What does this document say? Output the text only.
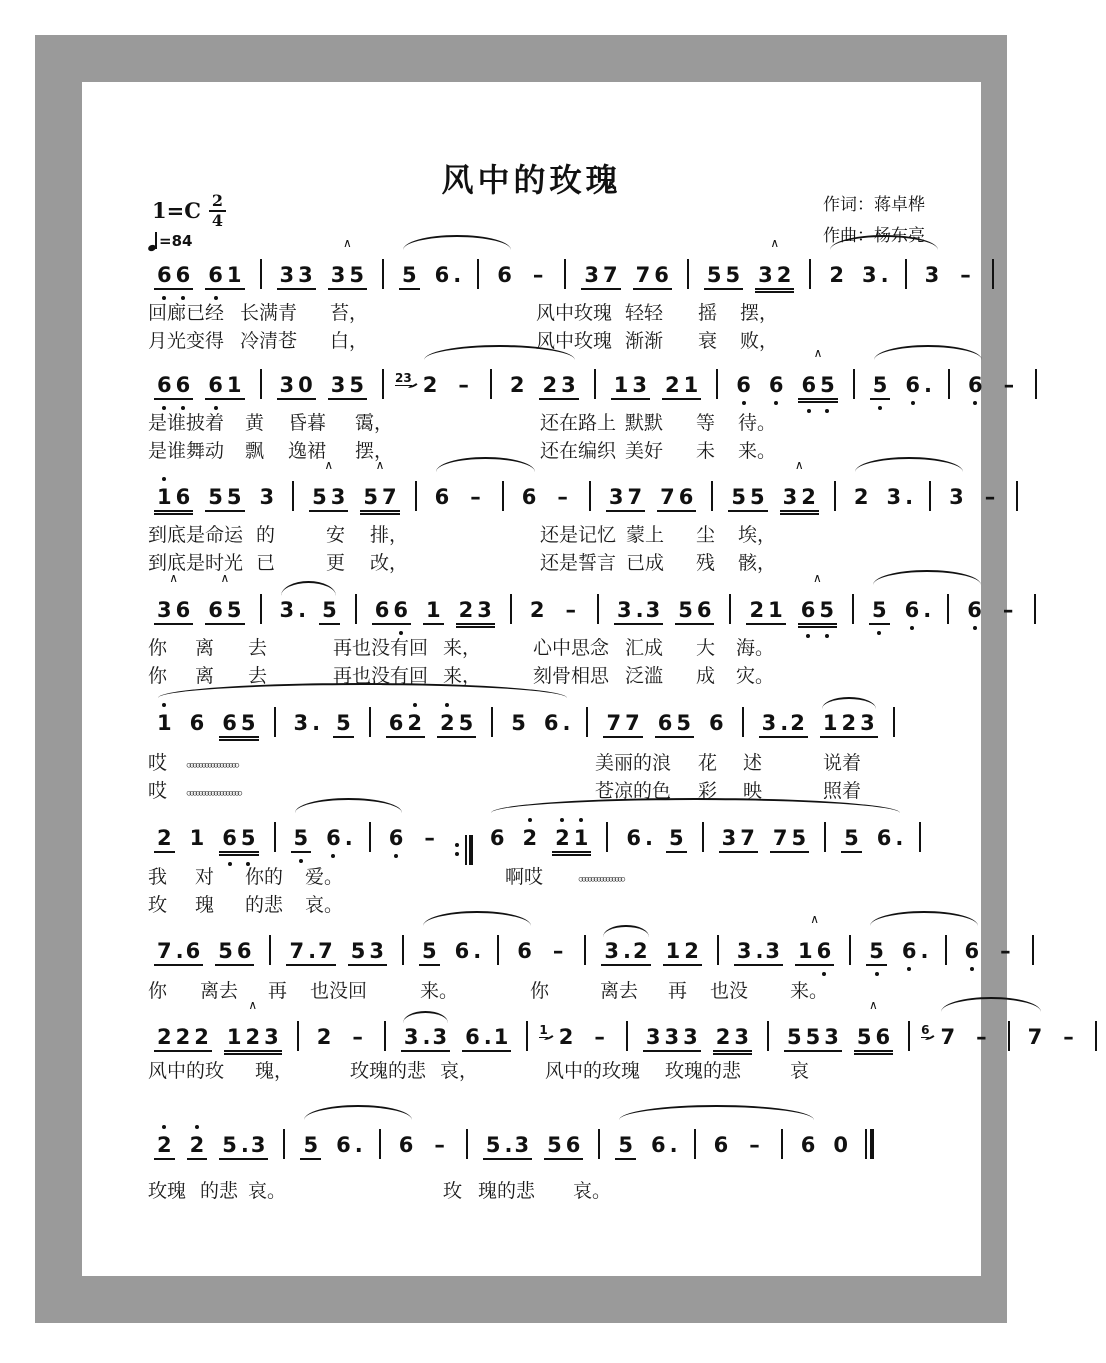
风中的玫瑰
$1=C \frac{2}{4}$
=84
作词：蒋卓桦
作曲：杨东亮
6 6 6 1 3 3 3 5
∧
5 6 . 6 – 3 7 7 6 5 5 3 2
∧
2 3 . 3 –
回廊已经 长满青 苔，	风中玫瑰 轻轻 摇 摆，
月光变得 冷清苍 白，	风中玫瑰 渐渐 衰 败，
6 6 6 1 3 0 3 5	23 2 – 2 2 3 1 3 2 1 6 6 6 5
∧
5 6 . 6 –
是谁披着 黄 昏暮 霭，	还在路上 默默 等 待。
是谁舞动 飘 逸裙 摆，	还在编织 美好 未 来。
1 6 5 5 3 5 3
∧
5 7
∧
6 – 6 – 3 7 7 6 5 5 3 2
∧
2 3 . 3 –
到底是命运 的	安 排，	还是记忆 蒙上 尘 埃，
到底是时光 已	更 改，	还是誓言 已成 残 骸，
3 6
∧
6 5
∧
3 . 5 6 6 1 2 3 2 – 3 . 3 5 6 2 1 6 5
∧
5 6 . 6 –
你 离 去	再也没有回 来，	心中思念 汇成 大 海。
你 离 去	再也没有回 来，	刻骨相思 泛滥 成 灾。
1 6 6 5 3 . 5 6 2 2 5 5 6 . 7 7 6 5 6 3 . 2 1 2 3
哎 。。。。。。。。。。。。。。。。。	美丽的浪 花 述	说着
哎 。。。。。。。。。。。。。。。。。。	苍凉的色 彩 映	照着
2 1 6 5 5 6 . 6 –	6 2 2 1 6 . 5 3 7 7 5 5 6 .
我 对 你的 爱。	啊哎 。。。。。。。。。。。。。。。
玫 瑰 的悲 哀。
7 . 6 5 6 7 . 7 5 3 5 6 . 6 – 3 . 2 1 2 3 . 3 1 6
∧
5 6 . 6 –
你 离去 再 也没回	来。	你	离去 再 也没 来。
2 2 2 1 2 3
∧
2 – 3 . 3 6 . 1	1 2 – 3 3 3 2 3 5 5 3 5 6
∧
6 7 – 7 –
风中的玫 瑰，	玫瑰的悲 哀，	风中的玫瑰 玫瑰的悲	哀
2 2 5 . 3 5 6 . 6 – 5 . 3 5 6 5 6 . 6 – 6 0
玫瑰 的悲 哀。	玫 瑰的悲 哀。
